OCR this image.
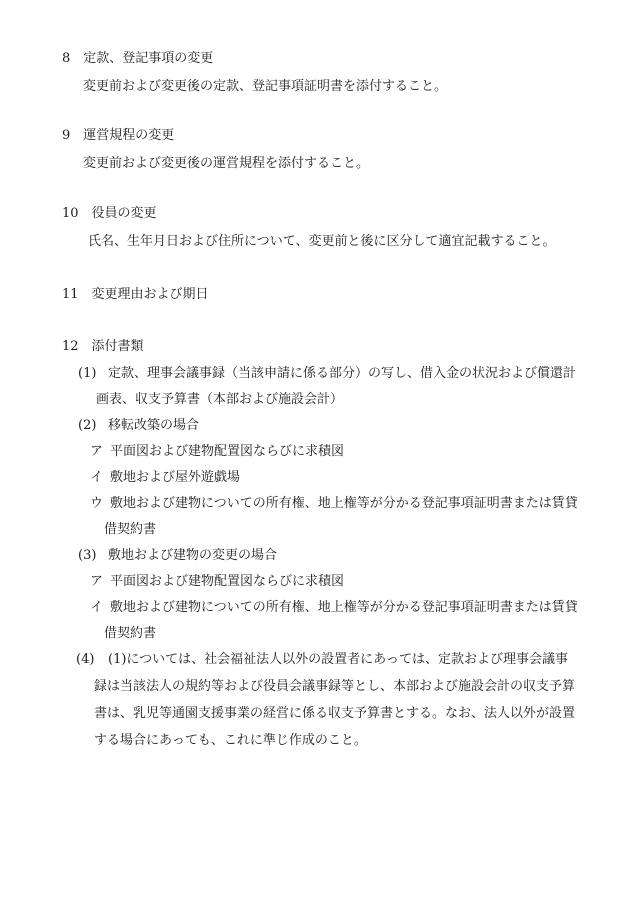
8　定款、登記事項の変更
変更前および変更後の定款、登記事項証明書を添付すること。
9　運営規程の変更
変更前および変更後の運営規程を添付すること。
10　役員の変更
氏名、生年月日および住所について、変更前と後に区分して適宜記載すること。
11　変更理由および期日
12　添付書類
(1) 定款、理事会議事録（当該申請に係る部分）の写し、借入金の状況および償還計
画表、収支予算書（本部および施設会計）
(2) 移転改築の場合
ア 平面図および建物配置図ならびに求積図
イ 敷地および屋外遊戯場
ウ 敷地および建物についての所有権、地上権等が分かる登記事項証明書または賃貸
借契約書
(3) 敷地および建物の変更の場合
ア 平面図および建物配置図ならびに求積図
イ 敷地および建物についての所有権、地上権等が分かる登記事項証明書または賃貸
借契約書
(4) (1)については、社会福祉法人以外の設置者にあっては、定款および理事会議事
録は当該法人の規約等および役員会議事録等とし、本部および施設会計の収支予算
書は、乳児等通園支援事業の経営に係る収支予算書とする。なお、法人以外が設置
する場合にあっても、これに準じ作成のこと。
